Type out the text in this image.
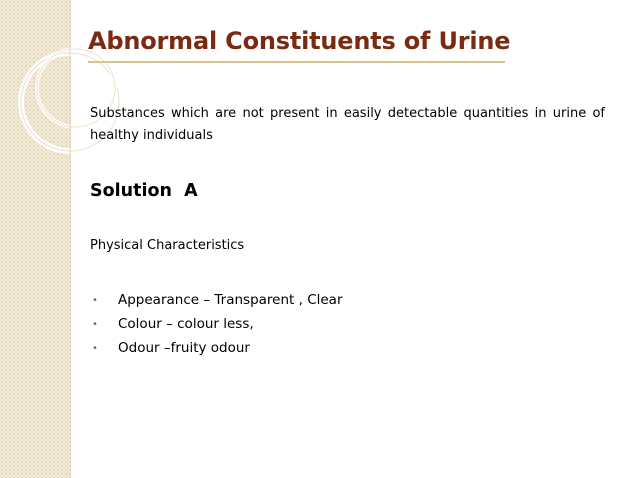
Abnormal Constituents of Urine

Substances which are not present in easily detectable quantities in urine of healthy individuals

Solution  A

Physical Characteristics

•	Appearance – Transparent , Clear
•	Colour – colour less,
•	Odour –fruity odour
